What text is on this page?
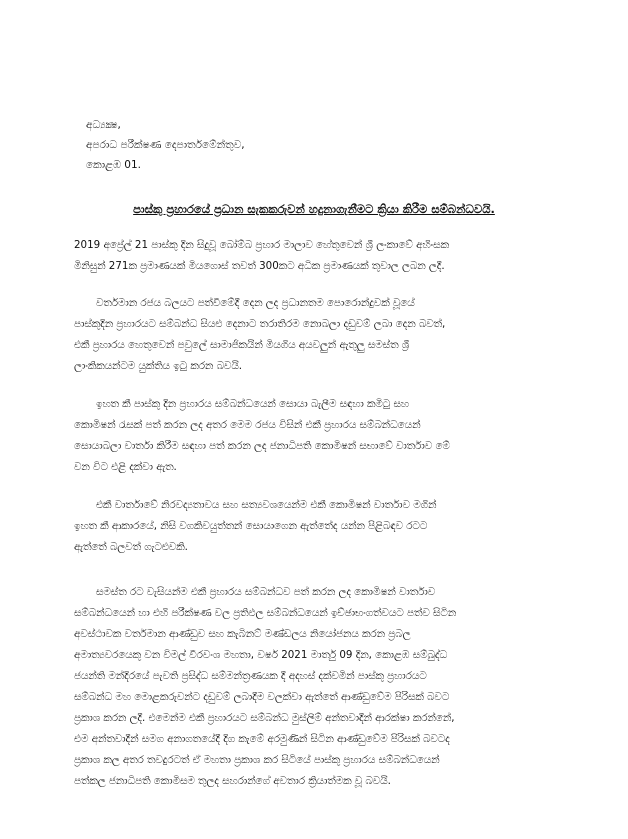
අධ්‍යක්‍ෂ,
අපරාධ පරීක්ෂණ දෙපාර්තමේන්තුව,
කොළඹ 01.
පාස්කු ප්‍රහාරයේ ප්‍රධාන සැකකරුවන් හදුනාගැනීමට ක්‍රියා කිරීම සම්බන්ධවයි.
2019 අප්‍රේල් 21 පාස්කු දින සිදුවූ බෝම්බ ප්‍රහාර මාලාව හේතුවෙන් ශ්‍රී ලංකාවේ අහිංසක
මිනිසුන් 271ක ප්‍රමාණයක් මියගොස් තවත් 300කට අධික ප්‍රමාණයක් තුවාල ලබන ලදී.
වර්තමාන රජය බලයට පත්වීමේදී දෙන ලද ප්‍රධානතම පොරොන්දුවක් වූයේ
පාස්කුදින ප්‍රහාරයට සම්බන්ධ සියළු දෙනාට තරාතිරම නොබලා දඩුවම් ලබා දෙන බවත්,
එකී ප්‍රහාරය හෙතුවෙන් පවුලේ සාමාජිකයින් මියගිය අයවලුන් ඇතුලු සමස්ත ශ්‍රී
ලාංකිකයන්ටම යුක්තිය ඉටු කරන බවයි.
ඉහත කී පාස්කු දින ප්‍රහාරය සම්බන්ධයෙන් සොයා බැලීම සඳහා කමිටු සහ
කොමිෂන් රැසක් පත් කරන ලද අතර මෙම රජය විසින් එකී ප්‍රහාරය සම්බන්ධයෙන්
සොයාබලා වාර්තා කිරීම සඳහා පත් කරන ලද ජනාධිපති කොමිෂන් සභාවේ වාර්තාව මේ
වන විට එළි දක්වා ඇත.
එකී වාර්තාවේ නිරවද්‍යතාවය සහ සත්‍යවශයෙන්ම එකී කොමිෂන් වාර්තාව මගින්
ඉහත කී ආකාරයේ, නිසි වගකිවයුත්තන් සොයාගෙන ඇත්තේද යන්න පිළිබඳව රටට
ඇත්තේ බලවත් ගැටළුවකි.
සමස්ත රට වැසියන්ම එකී ප්‍රහාරය සම්බන්ධව පත් කරන ලද කොමිෂන් වාර්තාව
සම්බන්ධයෙන් හා එහි පරීක්ෂණ වල ප්‍රතිඵල සම්බන්ධයෙන් ඉච්ඡාභංගත්වයට පත්ව සිටින
අවස්ථාවක වර්තමාන ආණ්ඩුව සහ කැබිනට් මණ්ඩලය නියෝජනය කරන ප්‍රබල
අමාත්‍යවරයෙකු වන විමල් වීරවංශ මහතා, වර්ෂ 2021 මාර්තු 09 දින, කොළඹ සම්බුද්ධ
ජයන්ති මන්දිරයේ පැවති ප්‍රසිද්ධ සම්මන්ත්‍රණයක දී අදහස් දක්වමින් පාස්කු ප්‍රහාරයට
සම්බන්ධ මහ මොළකරුවන්ට දඩුවම් ලබාදීම වලක්වා ඇත්තේ ආණ්ඩුවේම පිරිසක් බවට
ප්‍රකාශ කරන ලදී. එමෙන්ම එකී ප්‍රහාරයට සම්බන්ධ මුස්ලිම් අන්තවාදීන් ආරක්ෂා කරන්නේ,
එම අන්තවාදීන් සමග අනාගතයේදී දිග කැමේ අරමුණින් සිටින ආණ්ඩුවේම පිරිසක් බවටද
ප්‍රකාශ කල අතර තවදුරටත් ඒ මහතා ප්‍රකාශ කර සිටියේ පාස්කු ප්‍රහාරය සම්බන්ධයෙන්
පත්කල ජනාධිපති කොමිසම තුලද සහරාන්ගේ අවතාර ක්‍රියාත්මක වූ බවයි.
